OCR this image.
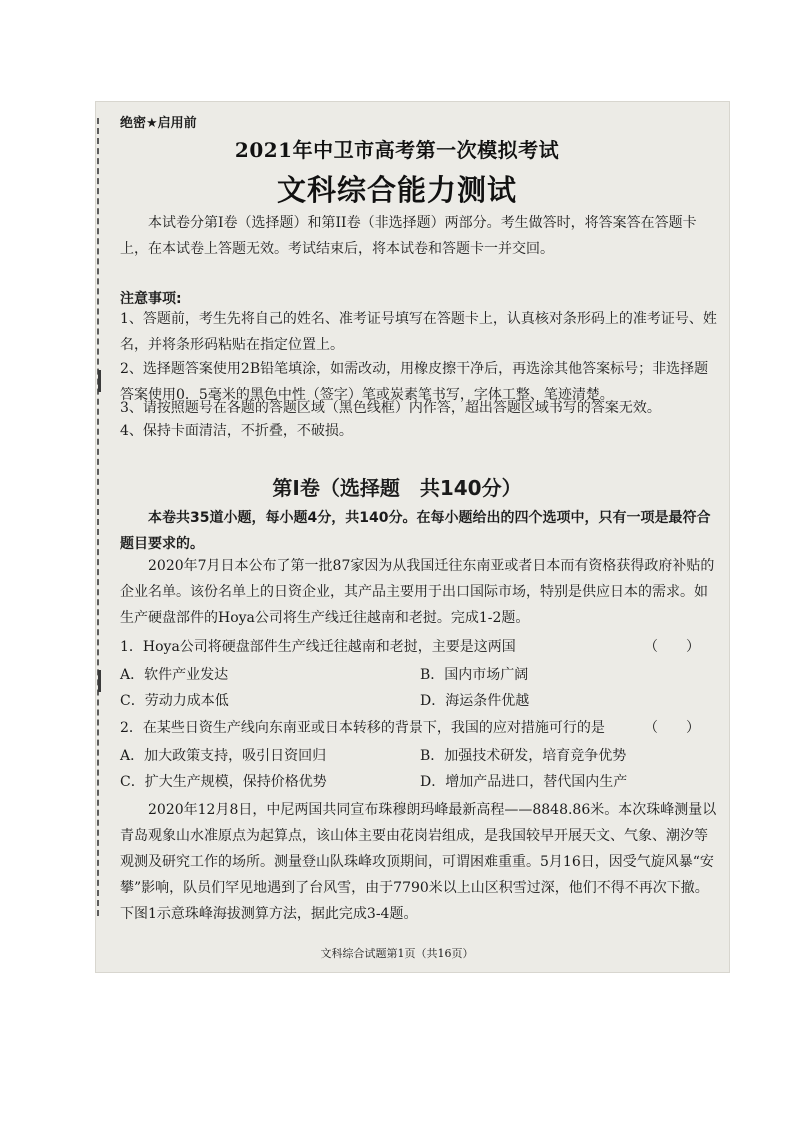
绝密★启用前
2021年中卫市高考第一次模拟考试
文科综合能力测试
本试卷分第I卷（选择题）和第II卷（非选择题）两部分。考生做答时，将答案答在答题卡上，在本试卷上答题无效。考试结束后，将本试卷和答题卡一并交回。
注意事项:
1、答题前，考生先将自己的姓名、准考证号填写在答题卡上，认真核对条形码上的准考证号、姓名，并将条形码粘贴在指定位置上。
2、选择题答案使用2B铅笔填涂，如需改动，用橡皮擦干净后，再选涂其他答案标号；非选择题答案使用0．5毫米的黑色中性（签字）笔或炭素笔书写，字体工整、笔迹清楚。
3、请按照题号在各题的答题区域（黑色线框）内作答，超出答题区域书写的答案无效。
4、保持卡面清洁，不折叠，不破损。
第I卷（选择题　共140分）
本卷共35道小题，每小题4分，共140分。在每小题给出的四个选项中，只有一项是最符合题目要求的。
2020年7月日本公布了第一批87家因为从我国迁往东南亚或者日本而有资格获得政府补贴的企业名单。该份名单上的日资企业，其产品主要用于出口国际市场，特别是供应日本的需求。如生产硬盘部件的Hoya公司将生产线迁往越南和老挝。完成1-2题。
1．Hoya公司将硬盘部件生产线迁往越南和老挝，主要是这两国	（　　）
A．软件产业发达	B．国内市场广阔
C．劳动力成本低	D．海运条件优越
2．在某些日资生产线向东南亚或日本转移的背景下，我国的应对措施可行的是	（　　）
A．加大政策支持，吸引日资回归	B．加强技术研发，培育竞争优势
C．扩大生产规模，保持价格优势	D．增加产品进口，替代国内生产
2020年12月8日，中尼两国共同宣布珠穆朗玛峰最新高程——8848.86米。本次珠峰测量以青岛观象山水准原点为起算点，该山体主要由花岗岩组成，是我国较早开展天文、气象、潮汐等观测及研究工作的场所。测量登山队珠峰攻顶期间，可谓困难重重。5月16日，因受气旋风暴“安攀”影响，队员们罕见地遇到了台风雪，由于7790米以上山区积雪过深，他们不得不再次下撤。下图1示意珠峰海拔测算方法，据此完成3-4题。
文科综合试题第1页（共16页）
